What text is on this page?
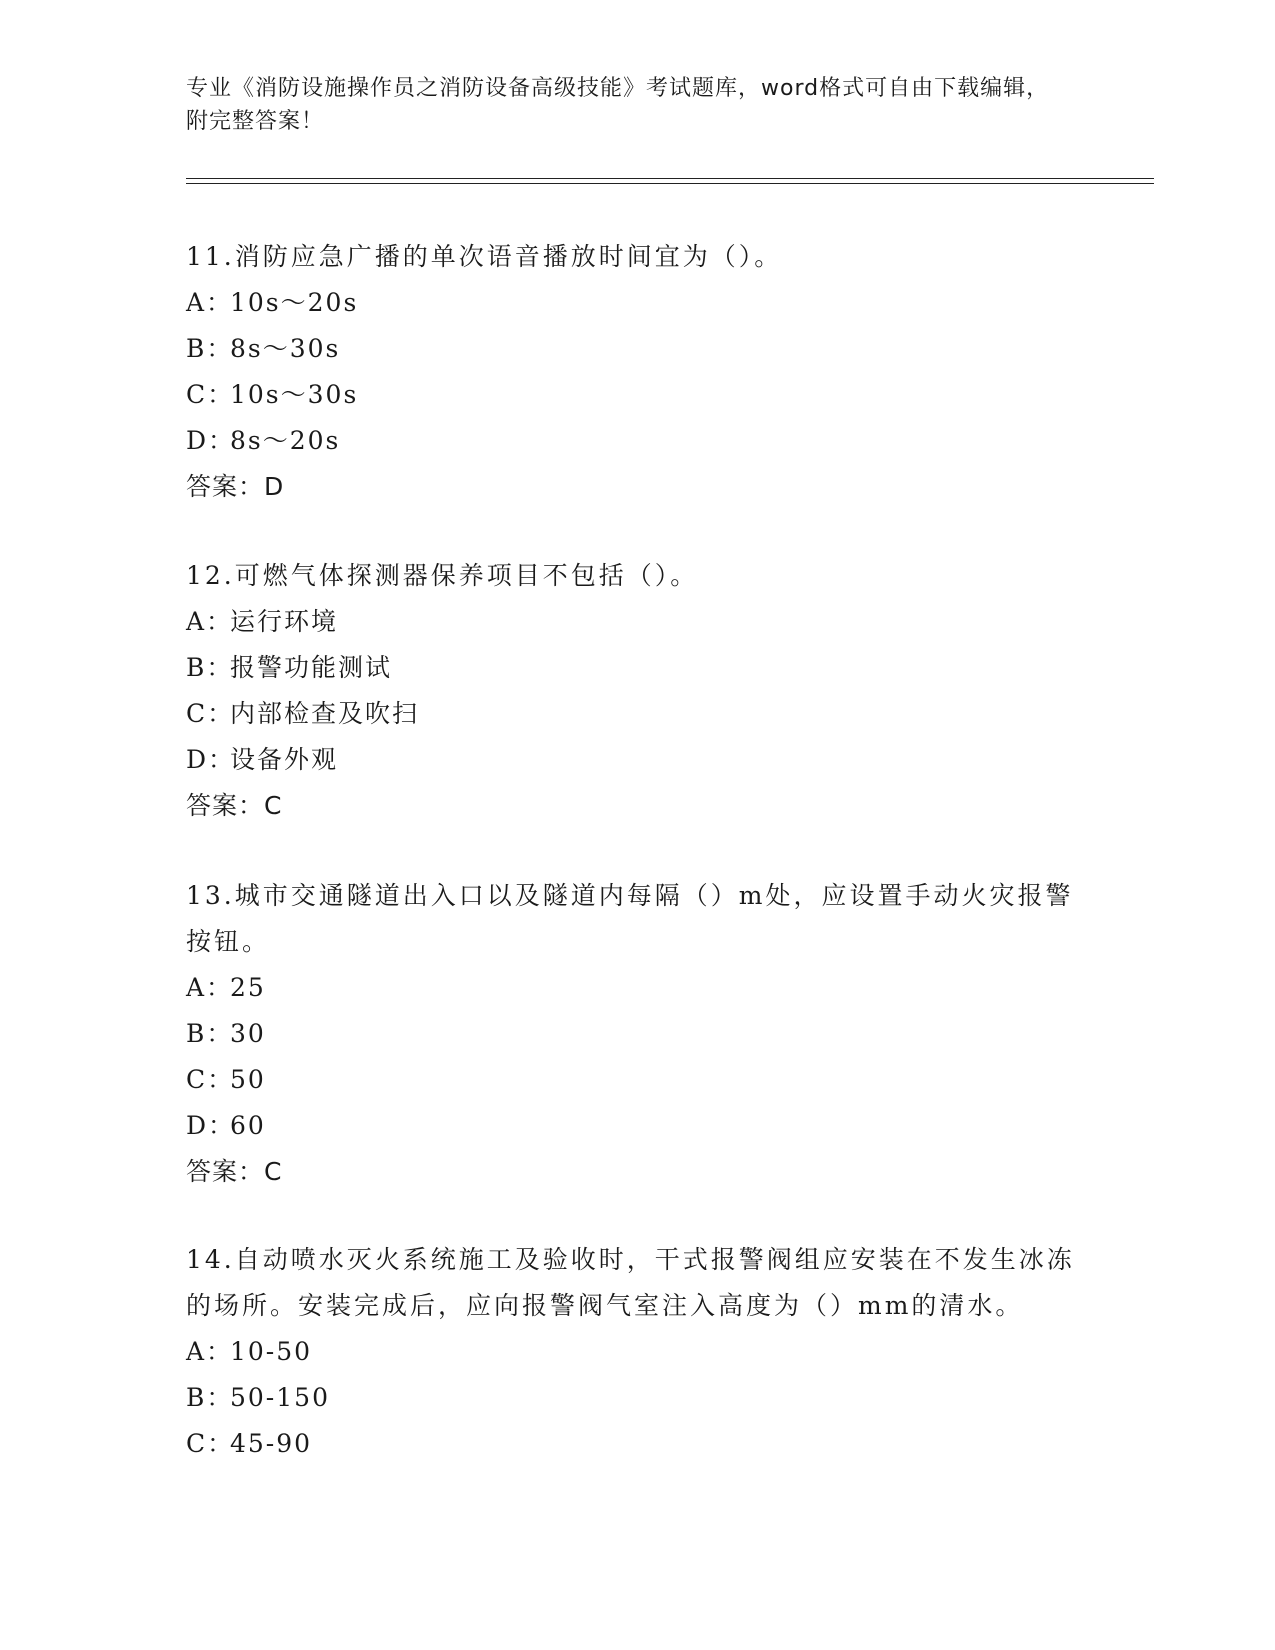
专业《消防设施操作员之消防设备高级技能》考试题库，word格式可自由下载编辑，附完整答案！

11.消防应急广播的单次语音播放时间宜为（）。

A：10s～20s

B：8s～30s

C：10s～30s

D：8s～20s

答案：D

12.可燃气体探测器保养项目不包括（）。

A：运行环境

B：报警功能测试

C：内部检查及吹扫

D：设备外观

答案：C

13.城市交通隧道出入口以及隧道内每隔（）m处，应设置手动火灾报警按钮。

A：25

B：30

C：50

D：60

答案：C

14.自动喷水灭火系统施工及验收时，干式报警阀组应安装在不发生冰冻的场所。安装完成后，应向报警阀气室注入高度为（）mm的清水。

A：10-50

B：50-150

C：45-90
